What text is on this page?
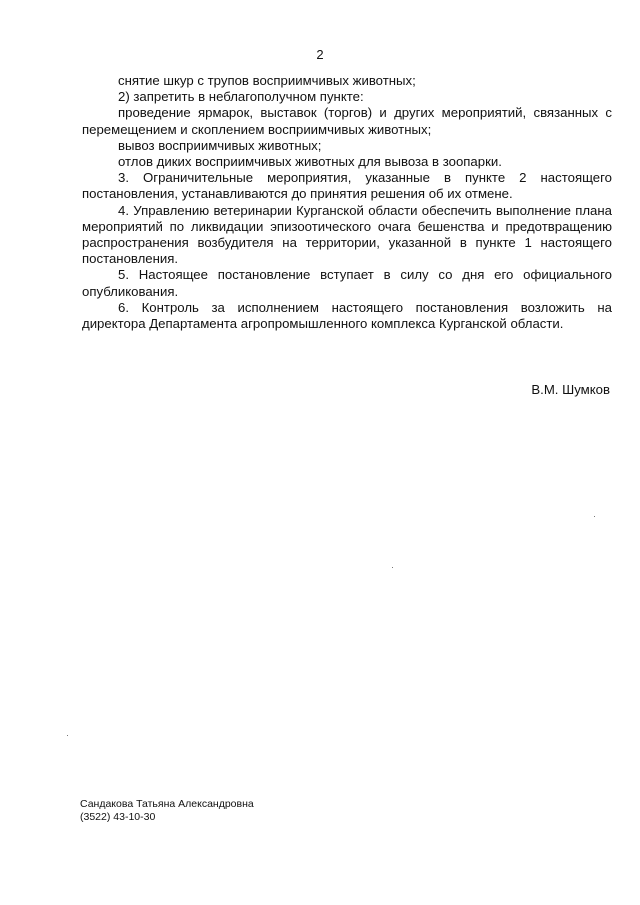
2

снятие шкур с трупов восприимчивых животных;

2) запретить в неблагополучном пункте:

проведение ярмарок, выставок (торгов) и других мероприятий, связанных с перемещением и скоплением восприимчивых животных;

вывоз восприимчивых животных;

отлов диких восприимчивых животных для вывоза в зоопарки.

3. Ограничительные мероприятия, указанные в пункте 2 настоящего постановления, устанавливаются до принятия решения об их отмене.

4. Управлению ветеринарии Курганской области обеспечить выполнение плана мероприятий по ликвидации эпизоотического очага бешенства и предотвращению распространения возбудителя на территории, указанной в пункте 1 настоящего постановления.

5. Настоящее постановление вступает в силу со дня его официального опубликования.

6. Контроль за исполнением настоящего постановления возложить на директора Департамента агропромышленного комплекса Курганской области.

В.М. Шумков
Сандакова Татьяна Александровна
(3522) 43-10-30
